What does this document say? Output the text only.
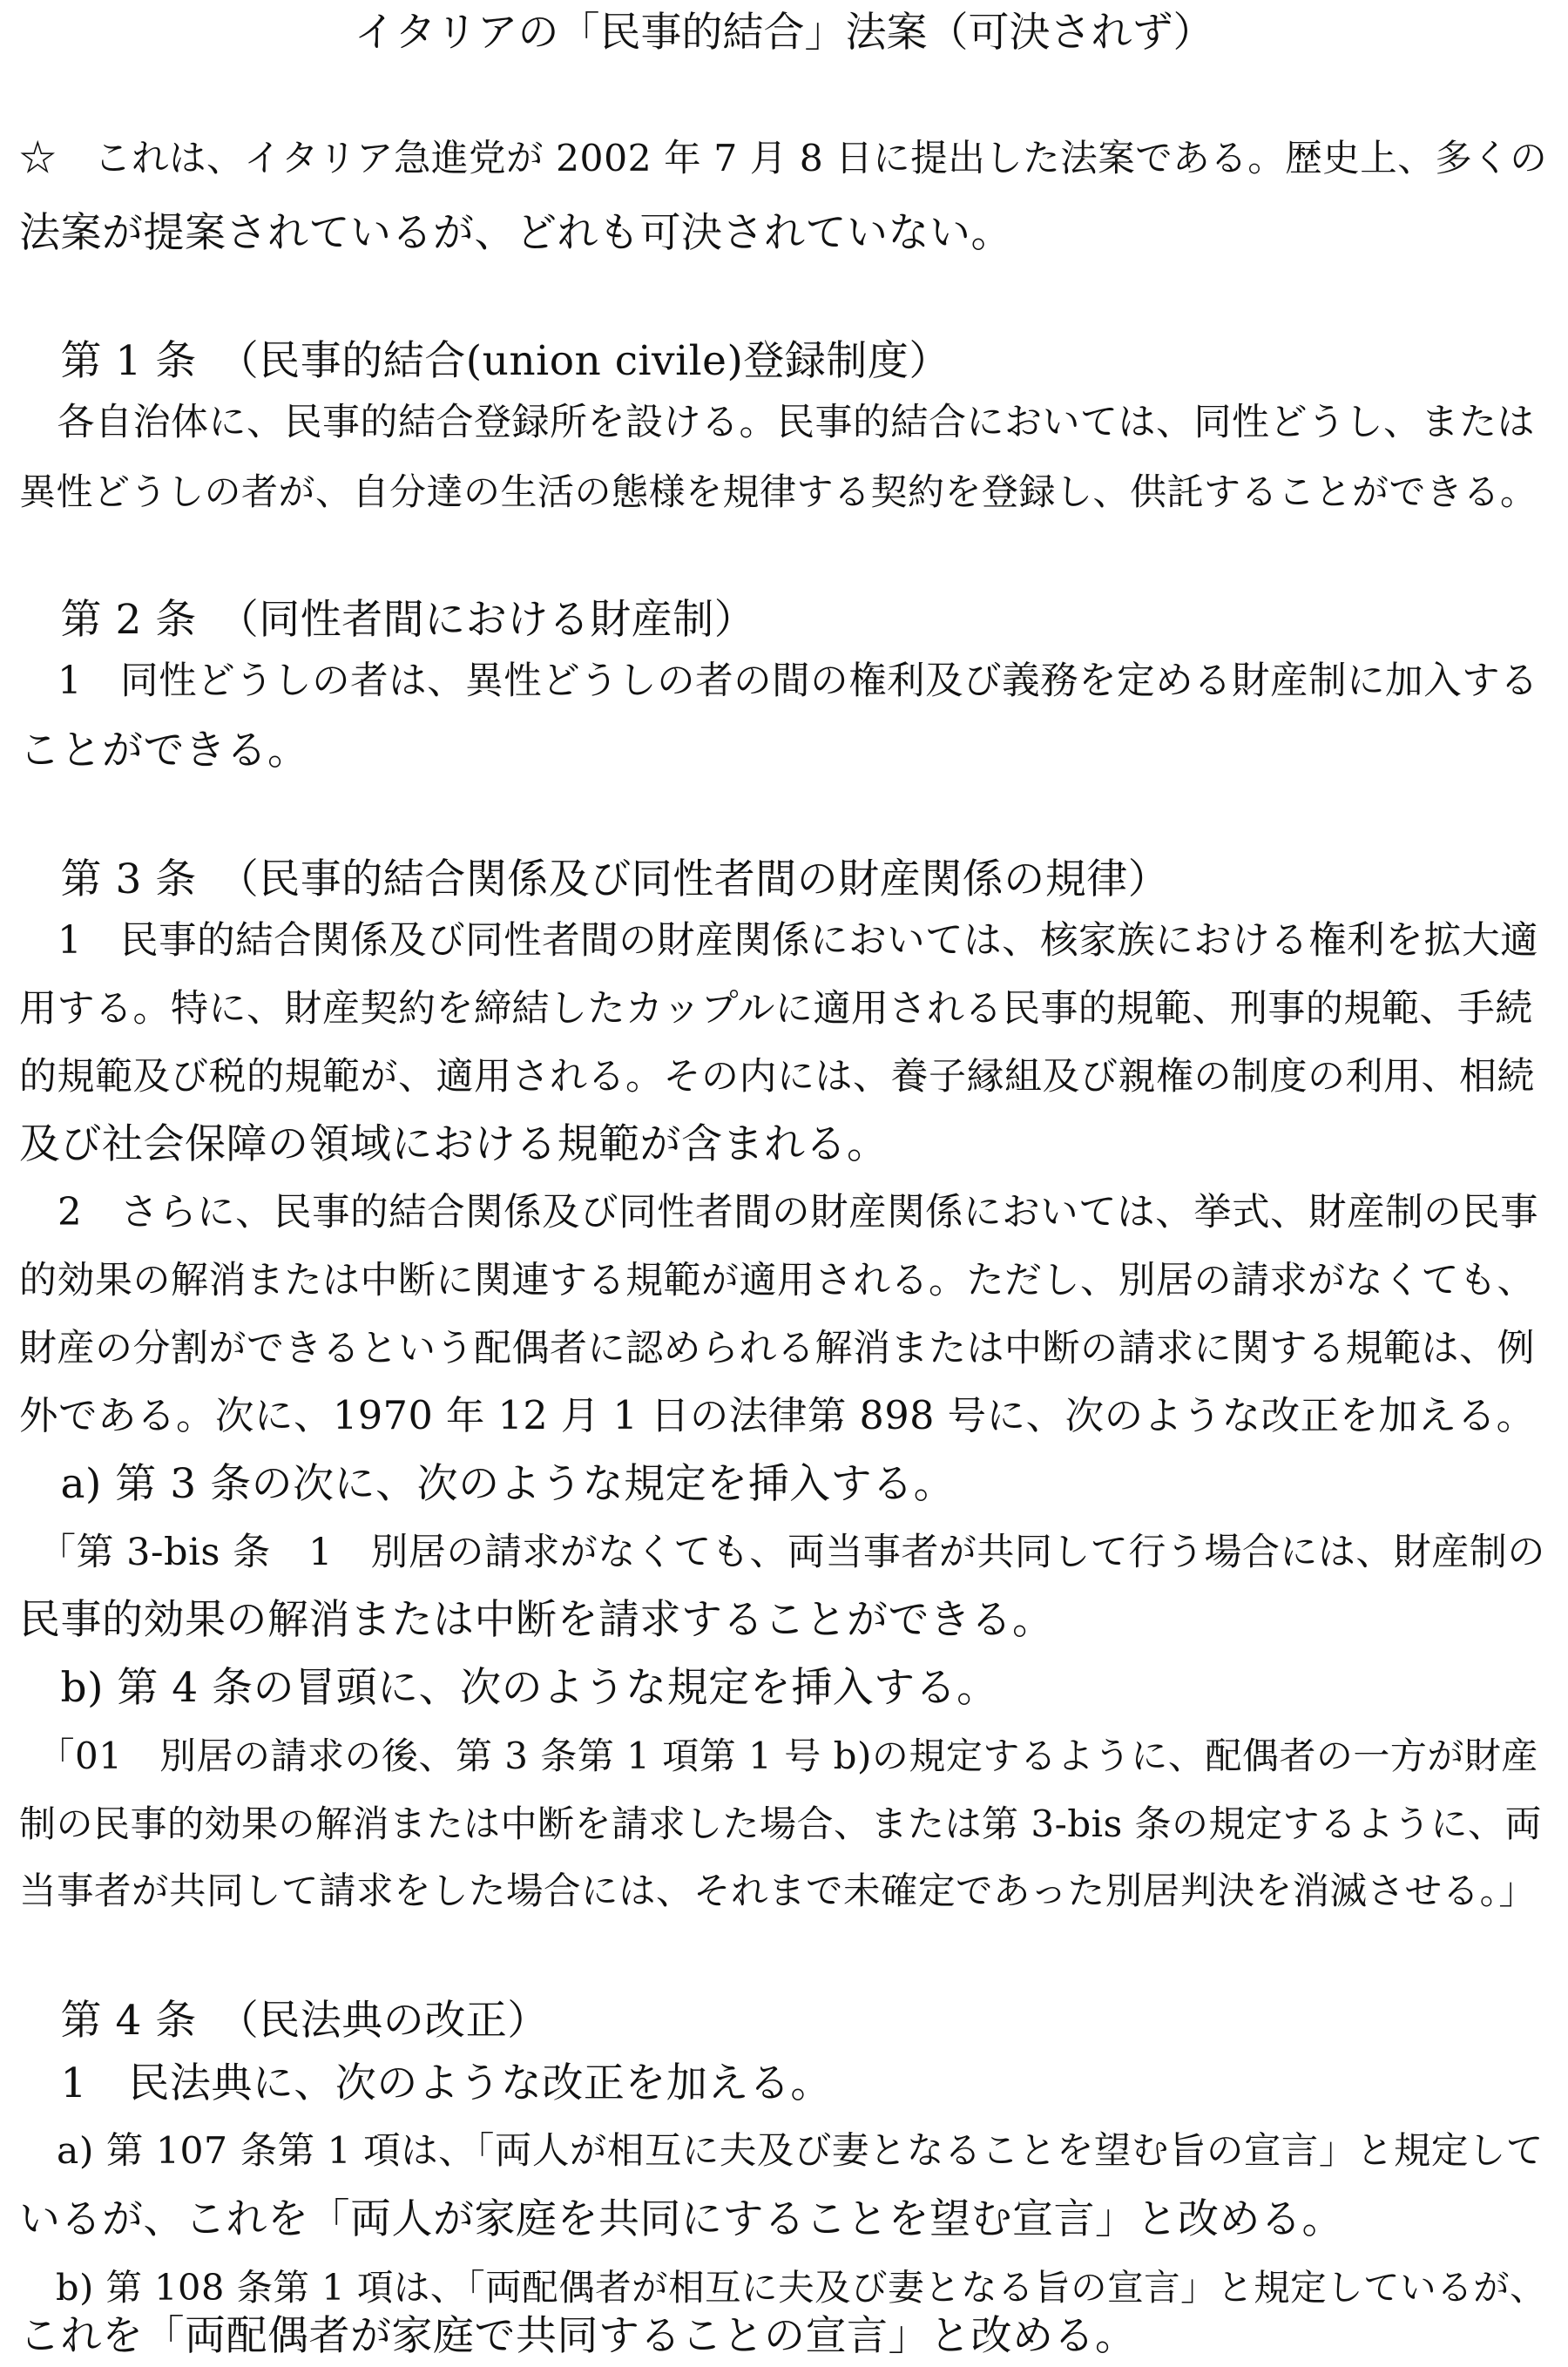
イタリアの「民事的結合」法案（可決されず）
☆　これは、イタリア急進党が 2002 年 7 月 8 日に提出した法案である。歴史上、多くの
法案が提案されているが、どれも可決されていない。
　第 1 条　（民事的結合(union civile)登録制度）
　各自治体に、民事的結合登録所を設ける。民事的結合においては、同性どうし、または
異性どうしの者が、自分達の生活の態様を規律する契約を登録し、供託することができる。
　第 2 条　（同性者間における財産制）
　1　同性どうしの者は、異性どうしの者の間の権利及び義務を定める財産制に加入する
ことができる。
　第 3 条　（民事的結合関係及び同性者間の財産関係の規律）
　1　民事的結合関係及び同性者間の財産関係においては、核家族における権利を拡大適
用する。特に、財産契約を締結したカップルに適用される民事的規範、刑事的規範、手続
的規範及び税的規範が、適用される。その内には、養子縁組及び親権の制度の利用、相続
及び社会保障の領域における規範が含まれる。
　2　さらに、民事的結合関係及び同性者間の財産関係においては、挙式、財産制の民事
的効果の解消または中断に関連する規範が適用される。ただし、別居の請求がなくても、
財産の分割ができるという配偶者に認められる解消または中断の請求に関する規範は、例
外である。次に、1970 年 12 月 1 日の法律第 898 号に、次のような改正を加える。
　a) 第 3 条の次に、次のような規定を挿入する。
　「第 3-bis 条　1　別居の請求がなくても、両当事者が共同して行う場合には、財産制の
民事的効果の解消または中断を請求することができる。
　b) 第 4 条の冒頭に、次のような規定を挿入する。
　「01　別居の請求の後、第 3 条第 1 項第 1 号 b)の規定するように、配偶者の一方が財産
制の民事的効果の解消または中断を請求した場合、または第 3-bis 条の規定するように、両
当事者が共同して請求をした場合には、それまで未確定であった別居判決を消滅させる。」
　第 4 条　（民法典の改正）
　1　民法典に、次のような改正を加える。
　a) 第 107 条第 1 項は、「両人が相互に夫及び妻となることを望む旨の宣言」と規定して
いるが、これを「両人が家庭を共同にすることを望む宣言」と改める。
　b) 第 108 条第 1 項は、「両配偶者が相互に夫及び妻となる旨の宣言」と規定しているが、
これを「両配偶者が家庭で共同することの宣言」と改める。
